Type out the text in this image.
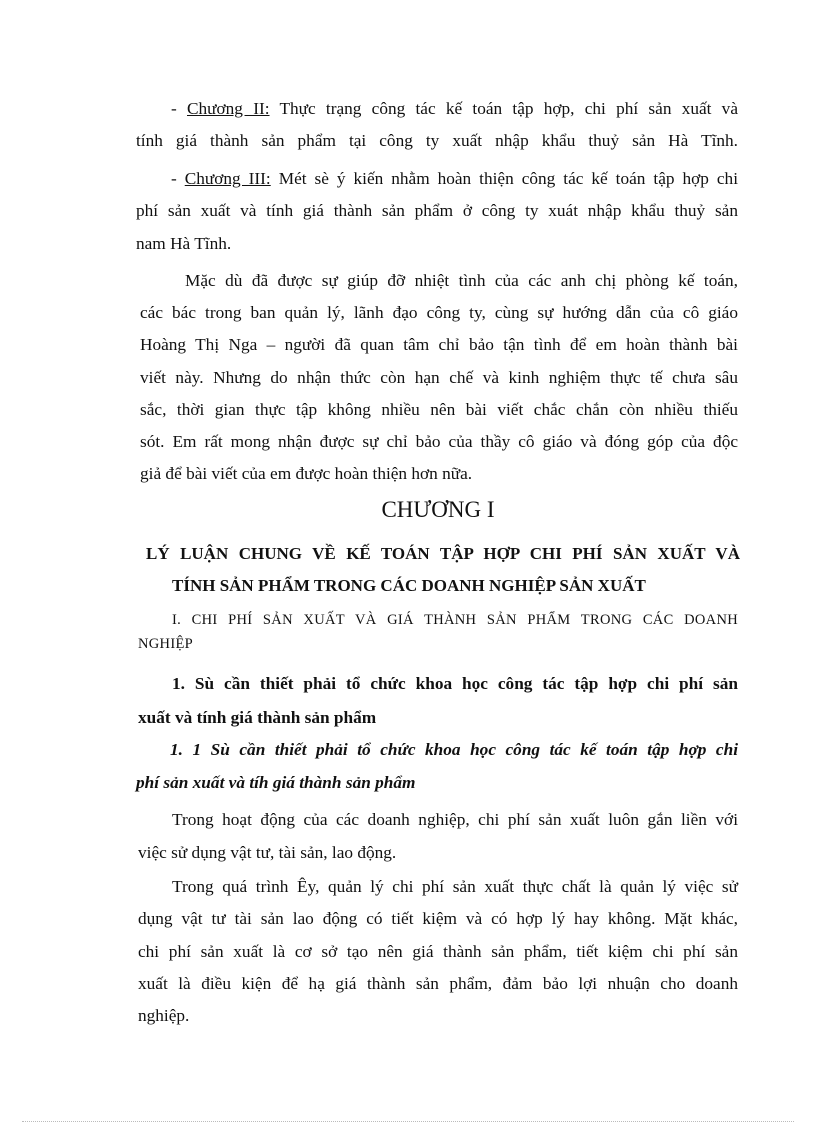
- Chương II: Thực trạng công tác kế toán tập hợp, chi phí sản xuất và
tính giá thành sản phẩm tại công ty xuất nhập khẩu thuỷ sản Hà Tĩnh.
- Chương III: Mét sè ý kiến nhằm hoàn thiện công tác kế toán tập hợp chi
phí sản xuất và tính giá thành sản phẩm ở công ty xuát nhập khẩu thuỷ sản
nam Hà Tĩnh.
Mặc dù đã được sự giúp đỡ nhiệt tình của các anh chị phòng kế toán,
các bác trong ban quản lý, lãnh đạo công ty, cùng sự hướng dẫn của cô giáo
Hoàng Thị Nga – người đã quan tâm chỉ bảo tận tình để em hoàn thành bài
viết này. Nhưng do nhận thức còn hạn chế và kinh nghiệm thực tế chưa sâu
sắc, thời gian thực tập không nhiều nên bài viết chắc chắn còn nhiều thiếu
sót. Em rất mong nhận được sự chỉ bảo của thầy cô giáo và đóng góp của độc
giả để bài viết của em được hoàn thiện hơn nữa.
CHƯƠNG I
LÝ LUẬN CHUNG VỀ KẾ TOÁN TẬP HỢP CHI PHÍ SẢN XUẤT VÀ
TÍNH SẢN PHẨM TRONG CÁC DOANH NGHIỆP SẢN XUẤT
I. CHI PHÍ SẢN XUẤT VÀ GIÁ THÀNH SẢN PHẨM TRONG CÁC DOANH
NGHIỆP
1. Sù cần thiết phải tổ chức khoa học công tác tập hợp chi phí sản
xuất và tính giá thành sản phẩm
1. 1 Sù cần thiết phải tổ chức khoa học công tác kế toán tập hợp chi
phí sản xuất và tíh giá thành sản phẩm
Trong hoạt động của các doanh nghiệp, chi phí sản xuất luôn gắn liền với
việc sử dụng vật tư, tài sản, lao động.
Trong quá trình Êy, quản lý chi phí sản xuất thực chất là quản lý việc sử
dụng vật tư tài sản lao động có tiết kiệm và có hợp lý hay không. Mặt khác,
chi phí sản xuất là cơ sở tạo nên giá thành sản phẩm, tiết kiệm chi phí sản
xuất là điều kiện để hạ giá thành sản phẩm, đảm bảo lợi nhuận cho doanh
nghiệp.
